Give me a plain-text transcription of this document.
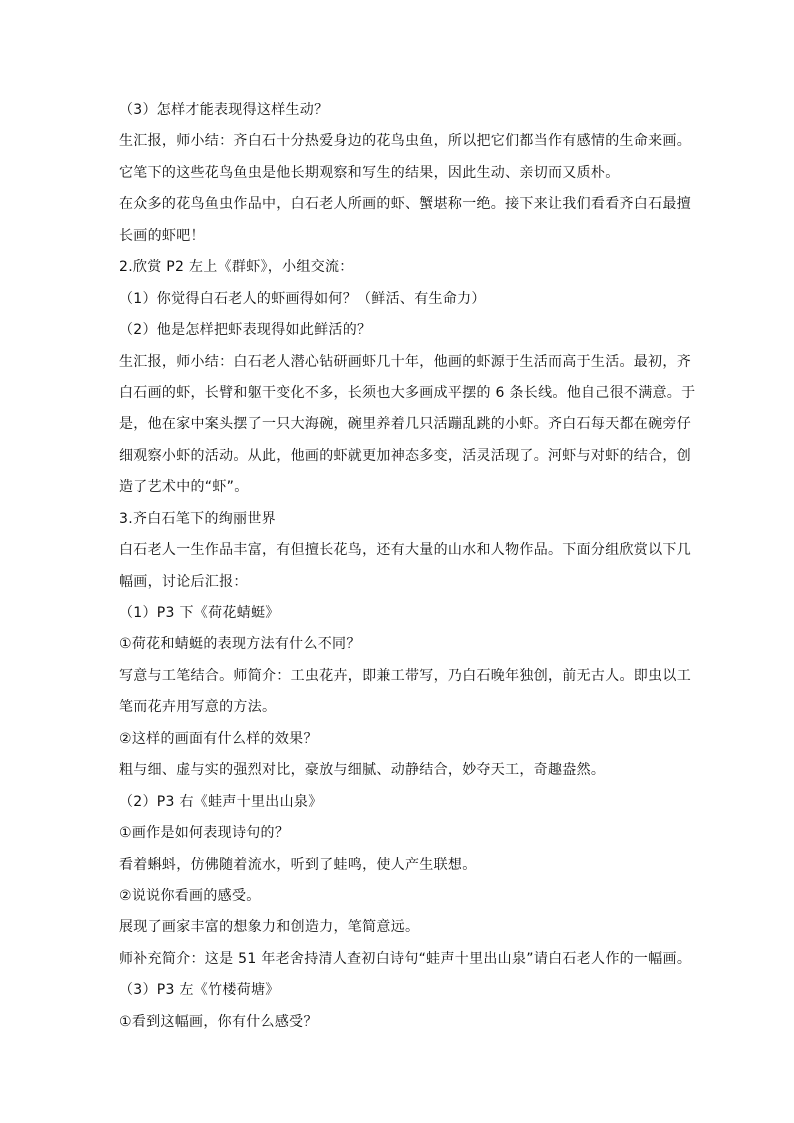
（3）怎样才能表现得这样生动？
生汇报，师小结：齐白石十分热爱身边的花鸟虫鱼，所以把它们都当作有感情的生命来画。
它笔下的这些花鸟鱼虫是他长期观察和写生的结果，因此生动、亲切而又质朴。
在众多的花鸟鱼虫作品中，白石老人所画的虾、蟹堪称一绝。接下来让我们看看齐白石最擅
长画的虾吧！
2.欣赏 P2 左上《群虾》，小组交流：
（1）你觉得白石老人的虾画得如何？（鲜活、有生命力）
（2）他是怎样把虾表现得如此鲜活的？
生汇报，师小结：白石老人潜心钻研画虾几十年，他画的虾源于生活而高于生活。最初，齐
白石画的虾，长臂和躯干变化不多，长须也大多画成平摆的 6 条长线。他自己很不满意。于
是，他在家中案头摆了一只大海碗，碗里养着几只活蹦乱跳的小虾。齐白石每天都在碗旁仔
细观察小虾的活动。从此，他画的虾就更加神态多变，活灵活现了。河虾与对虾的结合，创
造了艺术中的“虾”。
3.齐白石笔下的绚丽世界
白石老人一生作品丰富，有但擅长花鸟，还有大量的山水和人物作品。下面分组欣赏以下几
幅画，讨论后汇报：
（1）P3 下《荷花蜻蜓》
①荷花和蜻蜓的表现方法有什么不同？
写意与工笔结合。师简介：工虫花卉，即兼工带写，乃白石晚年独创，前无古人。即虫以工
笔而花卉用写意的方法。
②这样的画面有什么样的效果？
粗与细、虚与实的强烈对比，豪放与细腻、动静结合，妙夺天工，奇趣盎然。
（2）P3 右《蛙声十里出山泉》
①画作是如何表现诗句的？
看着蝌蚪，仿佛随着流水，听到了蛙鸣，使人产生联想。
②说说你看画的感受。
展现了画家丰富的想象力和创造力，笔简意远。
师补充简介：这是 51 年老舍持清人查初白诗句“蛙声十里出山泉”请白石老人作的一幅画。
（3）P3 左《竹楼荷塘》
①看到这幅画，你有什么感受？
